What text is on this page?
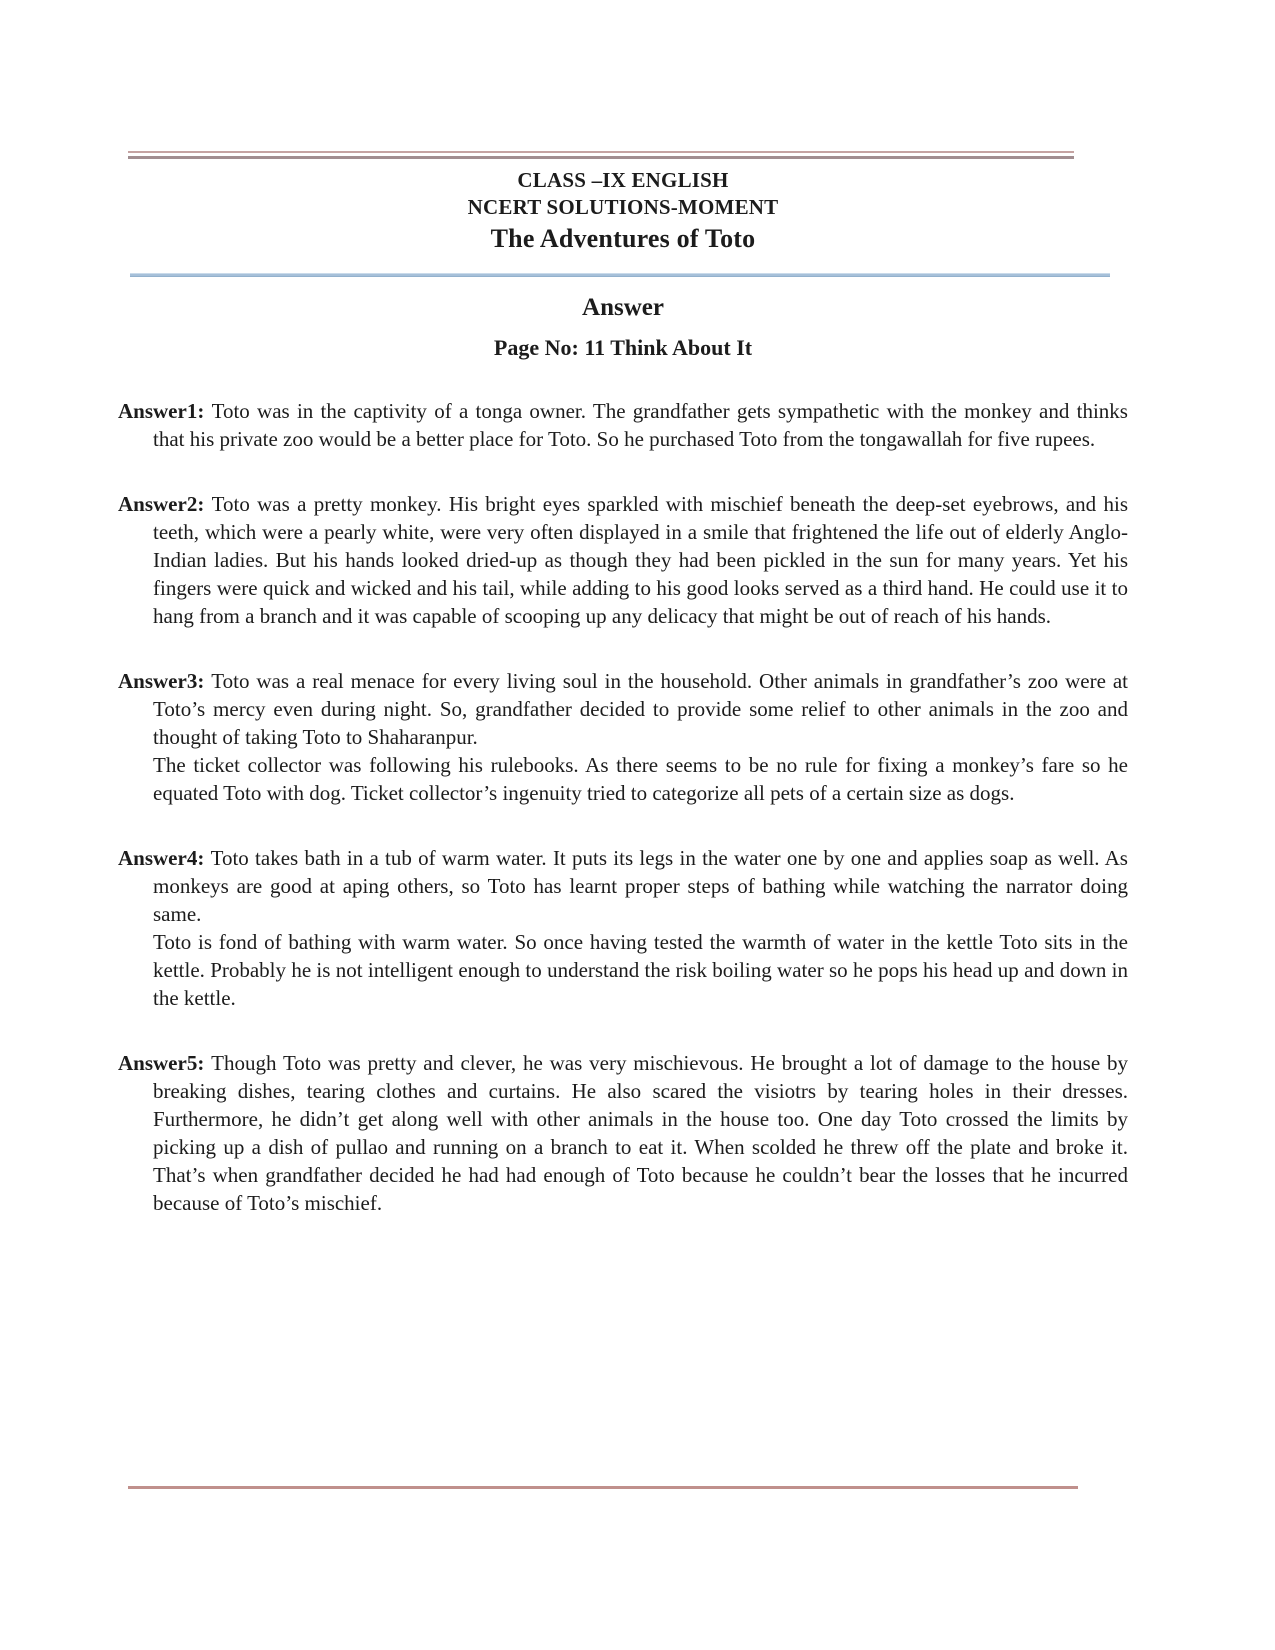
CLASS –IX ENGLISH
NCERT SOLUTIONS-MOMENT
The Adventures of Toto
Answer
Page No: 11 Think About It

Answer1: Toto was in the captivity of a tonga owner. The grandfather gets sympathetic with the monkey and thinks that his private zoo would be a better place for Toto. So he purchased Toto from the tongawallah for five rupees.

Answer2: Toto was a pretty monkey. His bright eyes sparkled with mischief beneath the deep-set eyebrows, and his teeth, which were a pearly white, were very often displayed in a smile that frightened the life out of elderly Anglo-Indian ladies. But his hands looked dried-up as though they had been pickled in the sun for many years. Yet his fingers were quick and wicked and his tail, while adding to his good looks served as a third hand. He could use it to hang from a branch and it was capable of scooping up any delicacy that might be out of reach of his hands.

Answer3: Toto was a real menace for every living soul in the household. Other animals in grandfather’s zoo were at Toto’s mercy even during night. So, grandfather decided to provide some relief to other animals in the zoo and thought of taking Toto to Shaharanpur.

The ticket collector was following his rulebooks. As there seems to be no rule for fixing a monkey’s fare so he equated Toto with dog. Ticket collector’s ingenuity tried to categorize all pets of a certain size as dogs.

Answer4: Toto takes bath in a tub of warm water. It puts its legs in the water one by one and applies soap as well. As monkeys are good at aping others, so Toto has learnt proper steps of bathing while watching the narrator doing same.

Toto is fond of bathing with warm water. So once having tested the warmth of water in the kettle Toto sits in the kettle. Probably he is not intelligent enough to understand the risk boiling water so he pops his head up and down in the kettle.

Answer5: Though Toto was pretty and clever, he was very mischievous. He brought a lot of damage to the house by breaking dishes, tearing clothes and curtains. He also scared the visiotrs by tearing holes in their dresses. Furthermore, he didn’t get along well with other animals in the house too. One day Toto crossed the limits by picking up a dish of pullao and running on a branch to eat it. When scolded he threw off the plate and broke it. That’s when grandfather decided he had had enough of Toto because he couldn’t bear the losses that he incurred because of Toto’s mischief.
